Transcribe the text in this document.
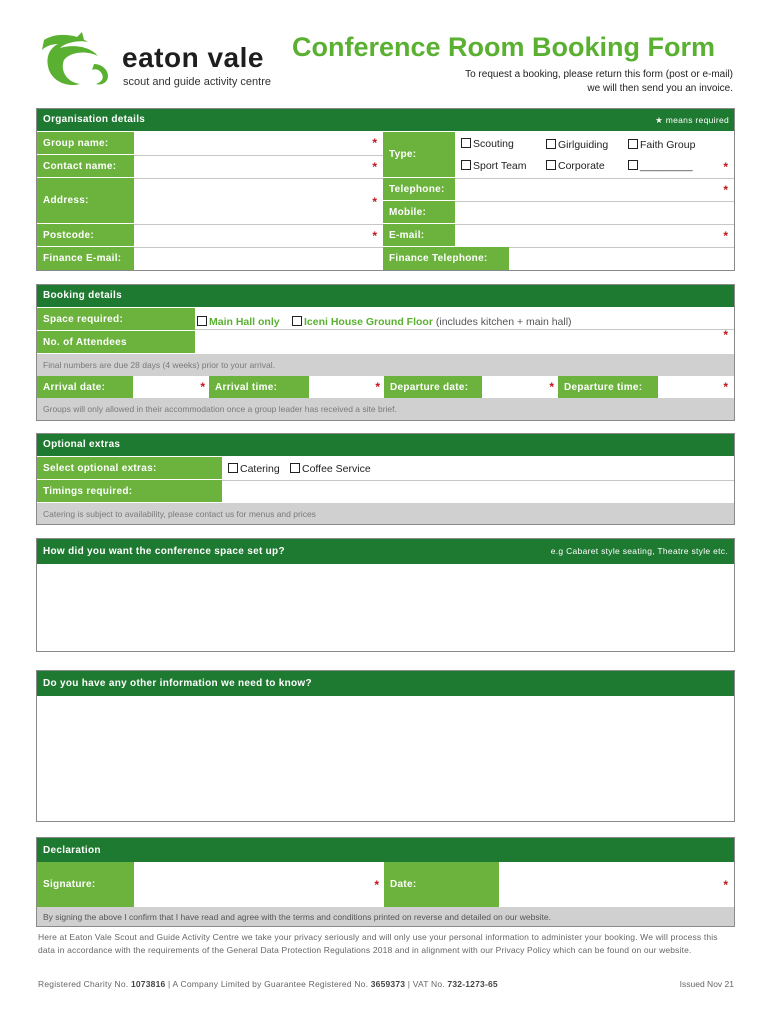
eaton vale
scout and guide activity centre
Conference Room Booking Form
To request a booking, please return this form (post or e-mail)
we will then send you an invoice.
Organisation details	★ means required
Group name:	*
Contact name:	*
Address:	*
Postcode:	*
Finance E-mail:
Type:
Scouting	Girlguiding	Faith Group
Sport Team	Corporate	_________	*
Telephone:	*
Mobile:
E-mail:	*
Finance Telephone:
Booking details
Space required:	Main Hall only	Iceni House Ground Floor (includes kitchen + main hall)
No. of Attendees	*
Final numbers are due 28 days (4 weeks) prior to your arrival.
Arrival date:	* Arrival time:	* Departure date:	* Departure time:	*
Groups will only allowed in their accommodation once a group leader has received a site brief.
Optional extras
Select optional extras:	Catering	Coffee Service
Timings required:
Catering is subject to availability, please contact us for menus and prices
How did you want the conference space set up?	e.g Cabaret style seating, Theatre style etc.
Do you have any other information we need to know?
Declaration
Signature:	* Date:	*
By signing the above I confirm that I have read and agree with the terms and conditions printed on reverse and detailed on our website.
Here at Eaton Vale Scout and Guide Activity Centre we take your privacy seriously and will only use your personal information to administer your booking. We will process this data in accordance with the requirements of the General Data Protection Regulations 2018 and in alignment with our Privacy Policy which can be found on our website.
Registered Charity No. 1073816 | A Company Limited by Guarantee Registered No. 3659373 | VAT No. 732-1273-65	Issued Nov 21
